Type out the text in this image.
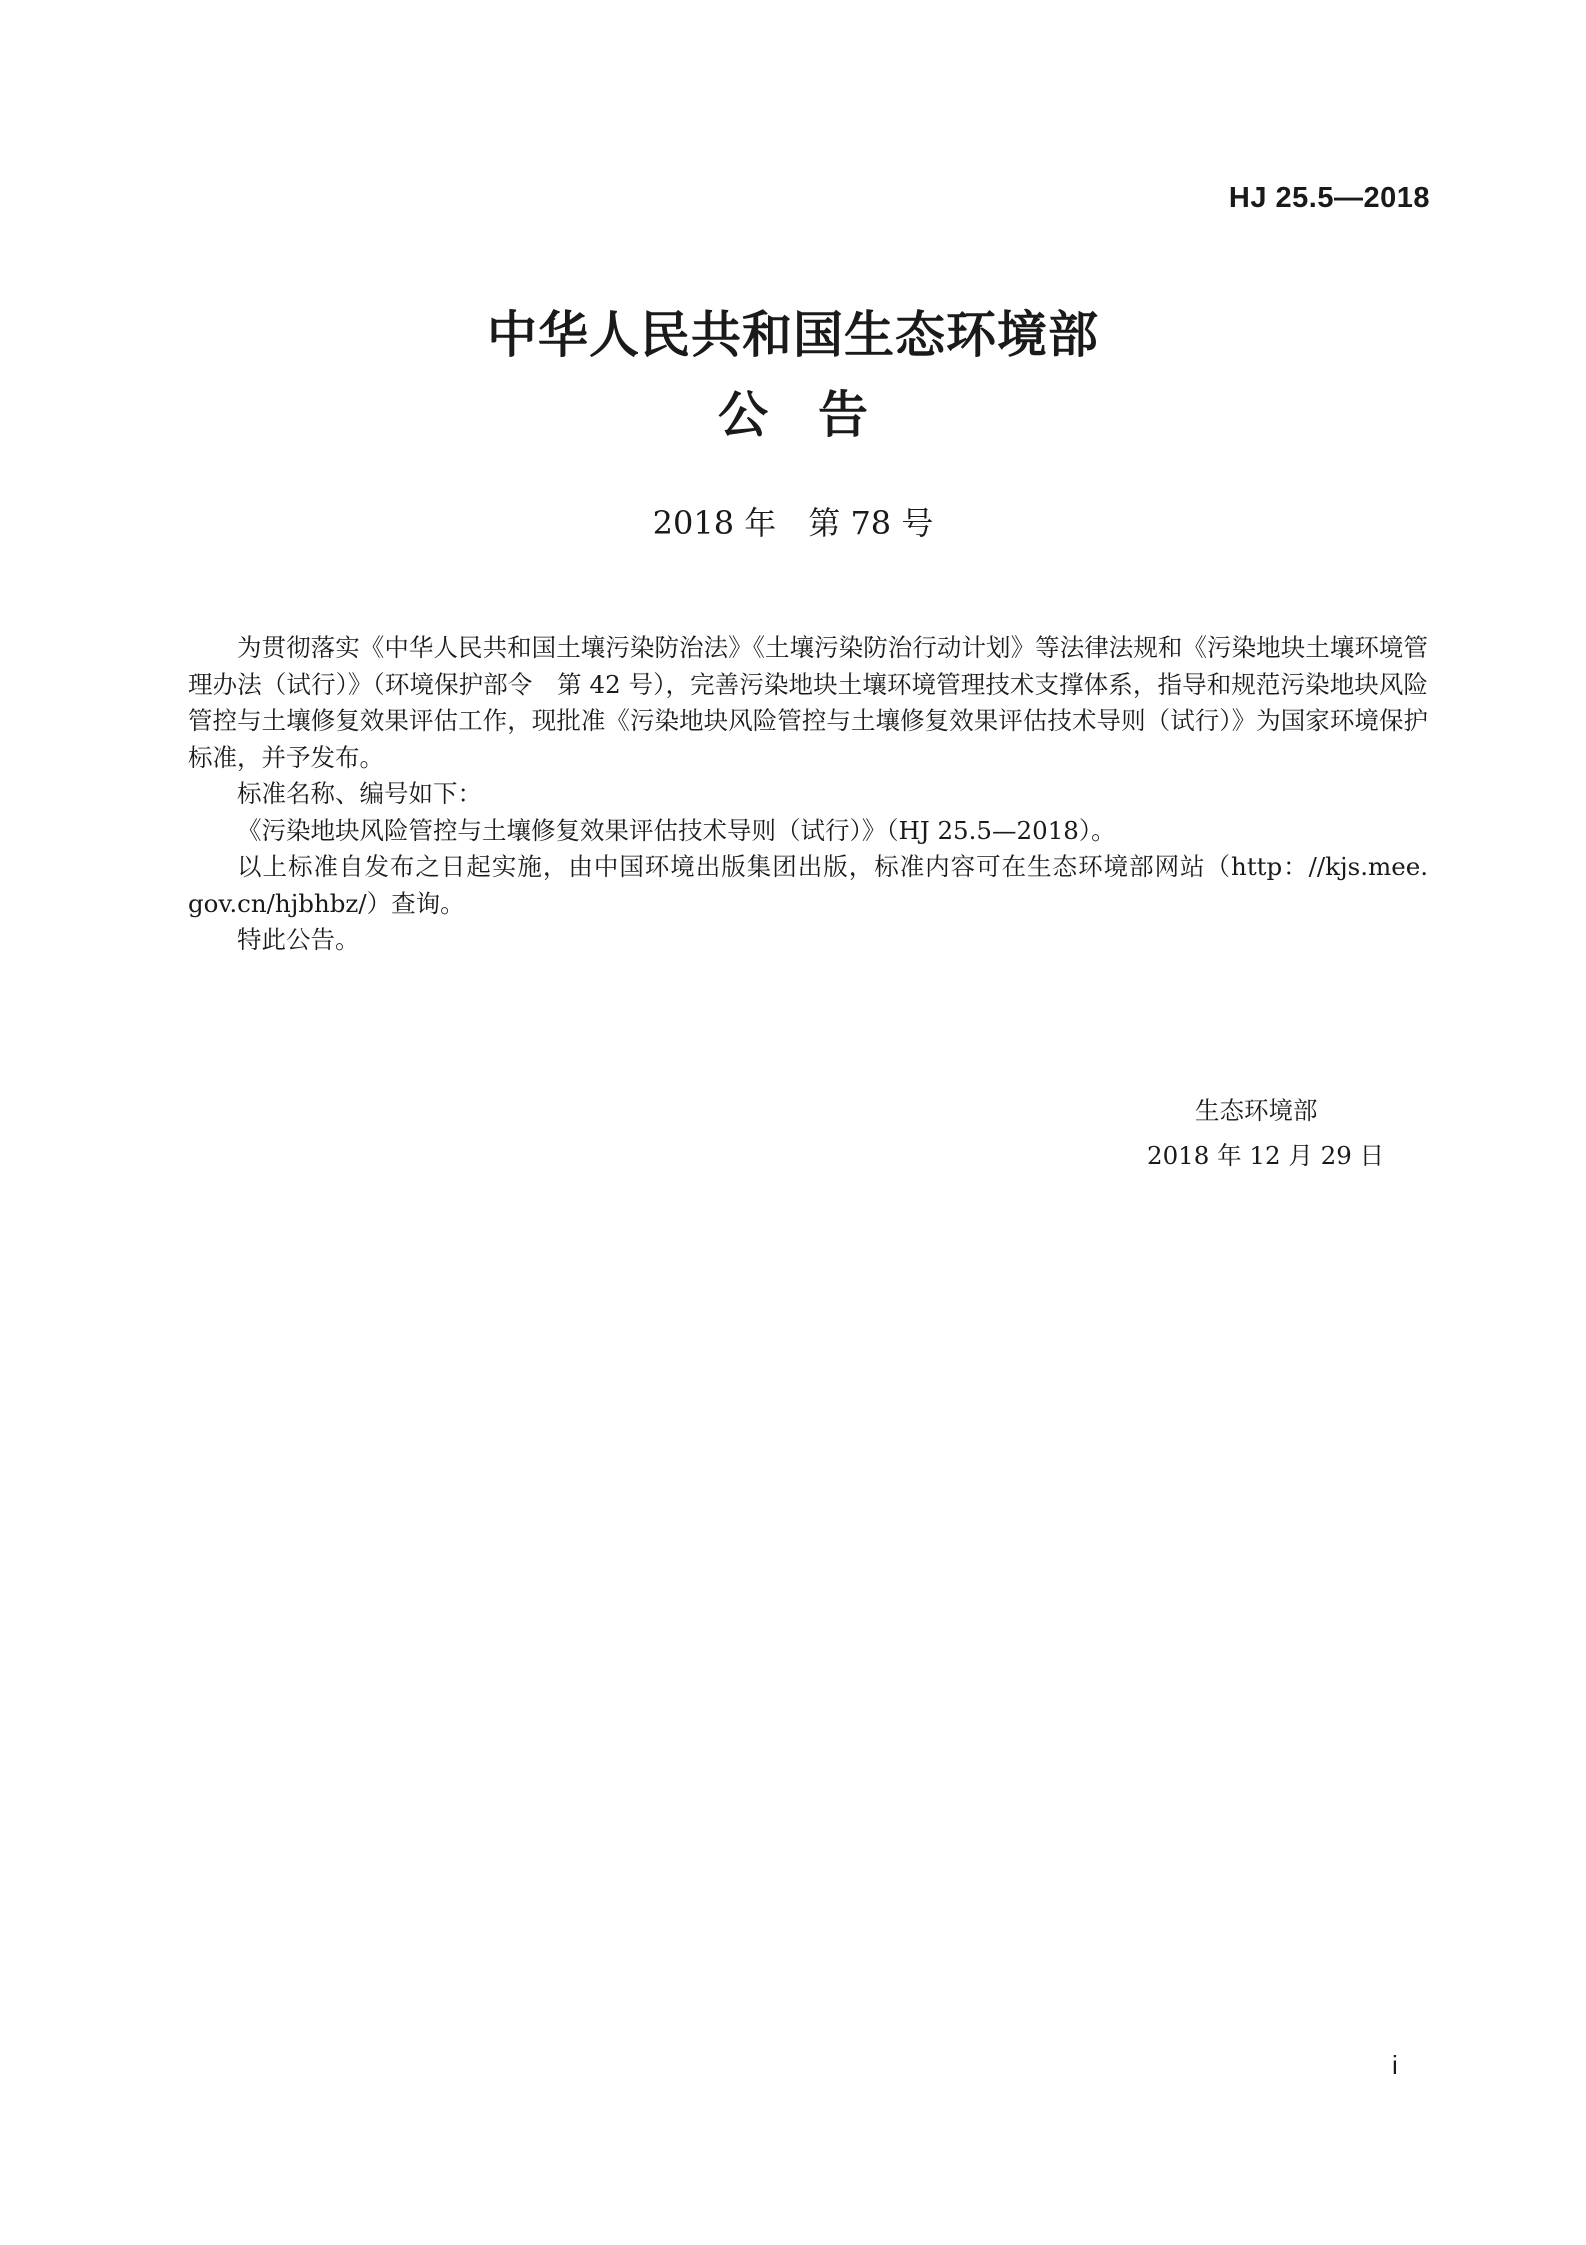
HJ 25.5—2018
中华人民共和国生态环境部
公告
2018 年　第 78 号

为贯彻落实《中华人民共和国土壤污染防治法》《土壤污染防治行动计划》等法律法规和《污染地块土壤环境管理办法（试行）》（环境保护部令　第 42 号），完善污染地块土壤环境管理技术支撑体系，指导和规范污染地块风险管控与土壤修复效果评估工作，现批准《污染地块风险管控与土壤修复效果评估技术导则（试行）》为国家环境保护标准，并予发布。

标准名称、编号如下：

《污染地块风险管控与土壤修复效果评估技术导则（试行）》（HJ 25.5—2018）。

以上标准自发布之日起实施，由中国环境出版集团出版，标准内容可在生态环境部网站（http：//kjs.mee. gov.cn/hjbhbz/）查询。

特此公告。

生态环境部
2018 年 12 月 29 日
i
